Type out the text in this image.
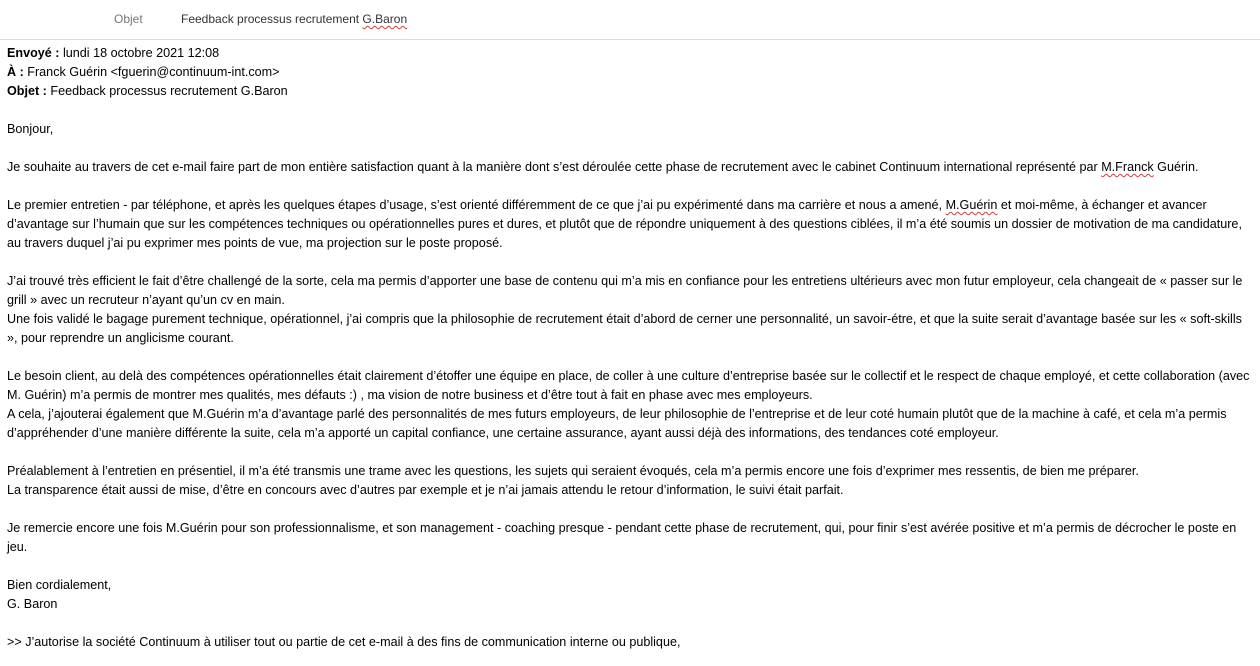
Objet	Feedback processus recrutement G.Baron

Envoyé : lundi 18 octobre 2021 12:08

À : Franck Guérin <fguerin@continuum-int.com>

Objet : Feedback processus recrutement G.Baron

Bonjour,

Je souhaite au travers de cet e-mail faire part de mon entière satisfaction quant à la manière dont s’est déroulée cette phase de recrutement avec le cabinet Continuum international représenté par M.Franck Guérin.

Le premier entretien - par téléphone, et après les quelques étapes d’usage, s’est orienté différemment de ce que j’ai pu expérimenté dans ma carrière et nous a amené, M.Guérin et moi-même, à échanger et avancer d’avantage sur l’humain que sur les compétences techniques ou opérationnelles pures et dures, et plutôt que de répondre uniquement à des questions ciblées, il m’a été soumis un dossier de motivation de ma candidature, au travers duquel j’ai pu exprimer mes points de vue, ma projection sur le poste proposé.

J’ai trouvé très efficient le fait d’être challengé de la sorte, cela ma permis d’apporter une base de contenu qui m’a mis en confiance pour les entretiens ultérieurs avec mon futur employeur, cela changeait de « passer sur le grill » avec un recruteur n’ayant qu’un cv en main.

Une fois validé le bagage purement technique, opérationnel, j’ai compris que la philosophie de recrutement était d’abord de cerner une personnalité, un savoir-étre, et que la suite serait d’avantage basée sur les « soft-skills », pour reprendre un anglicisme courant.

Le besoin client, au delà des compétences opérationnelles était clairement d’étoffer une équipe en place, de coller à une culture d’entreprise basée sur le collectif et le respect de chaque employé, et cette collaboration (avec M. Guérin) m’a permis de montrer mes qualités, mes défauts :) , ma vision de notre business et d’être tout à fait en phase avec mes employeurs.

A cela, j’ajouterai également que M.Guérin m’a d’avantage parlé des personnalités de mes futurs employeurs, de leur philosophie de l’entreprise et de leur coté humain plutôt que de la machine à café, et cela m’a permis d’appréhender d’une manière différente la suite, cela m’a apporté un capital confiance, une certaine assurance, ayant aussi déjà des informations, des tendances coté employeur.

Préalablement à l’entretien en présentiel, il m’a été transmis une trame avec les questions, les sujets qui seraient évoqués, cela m’a permis encore une fois d’exprimer mes ressentis, de bien me préparer.

La transparence était aussi de mise, d’être en concours avec d’autres par exemple et je n’ai jamais attendu le retour d’information, le suivi était parfait.

Je remercie encore une fois M.Guérin pour son professionnalisme, et son management - coaching presque - pendant cette phase de recrutement, qui, pour finir s’est avérée positive et m’a permis de décrocher le poste en jeu.

Bien cordialement,

G. Baron

>> J’autorise la société Continuum à utiliser tout ou partie de cet e-mail à des fins de communication interne ou publique,
